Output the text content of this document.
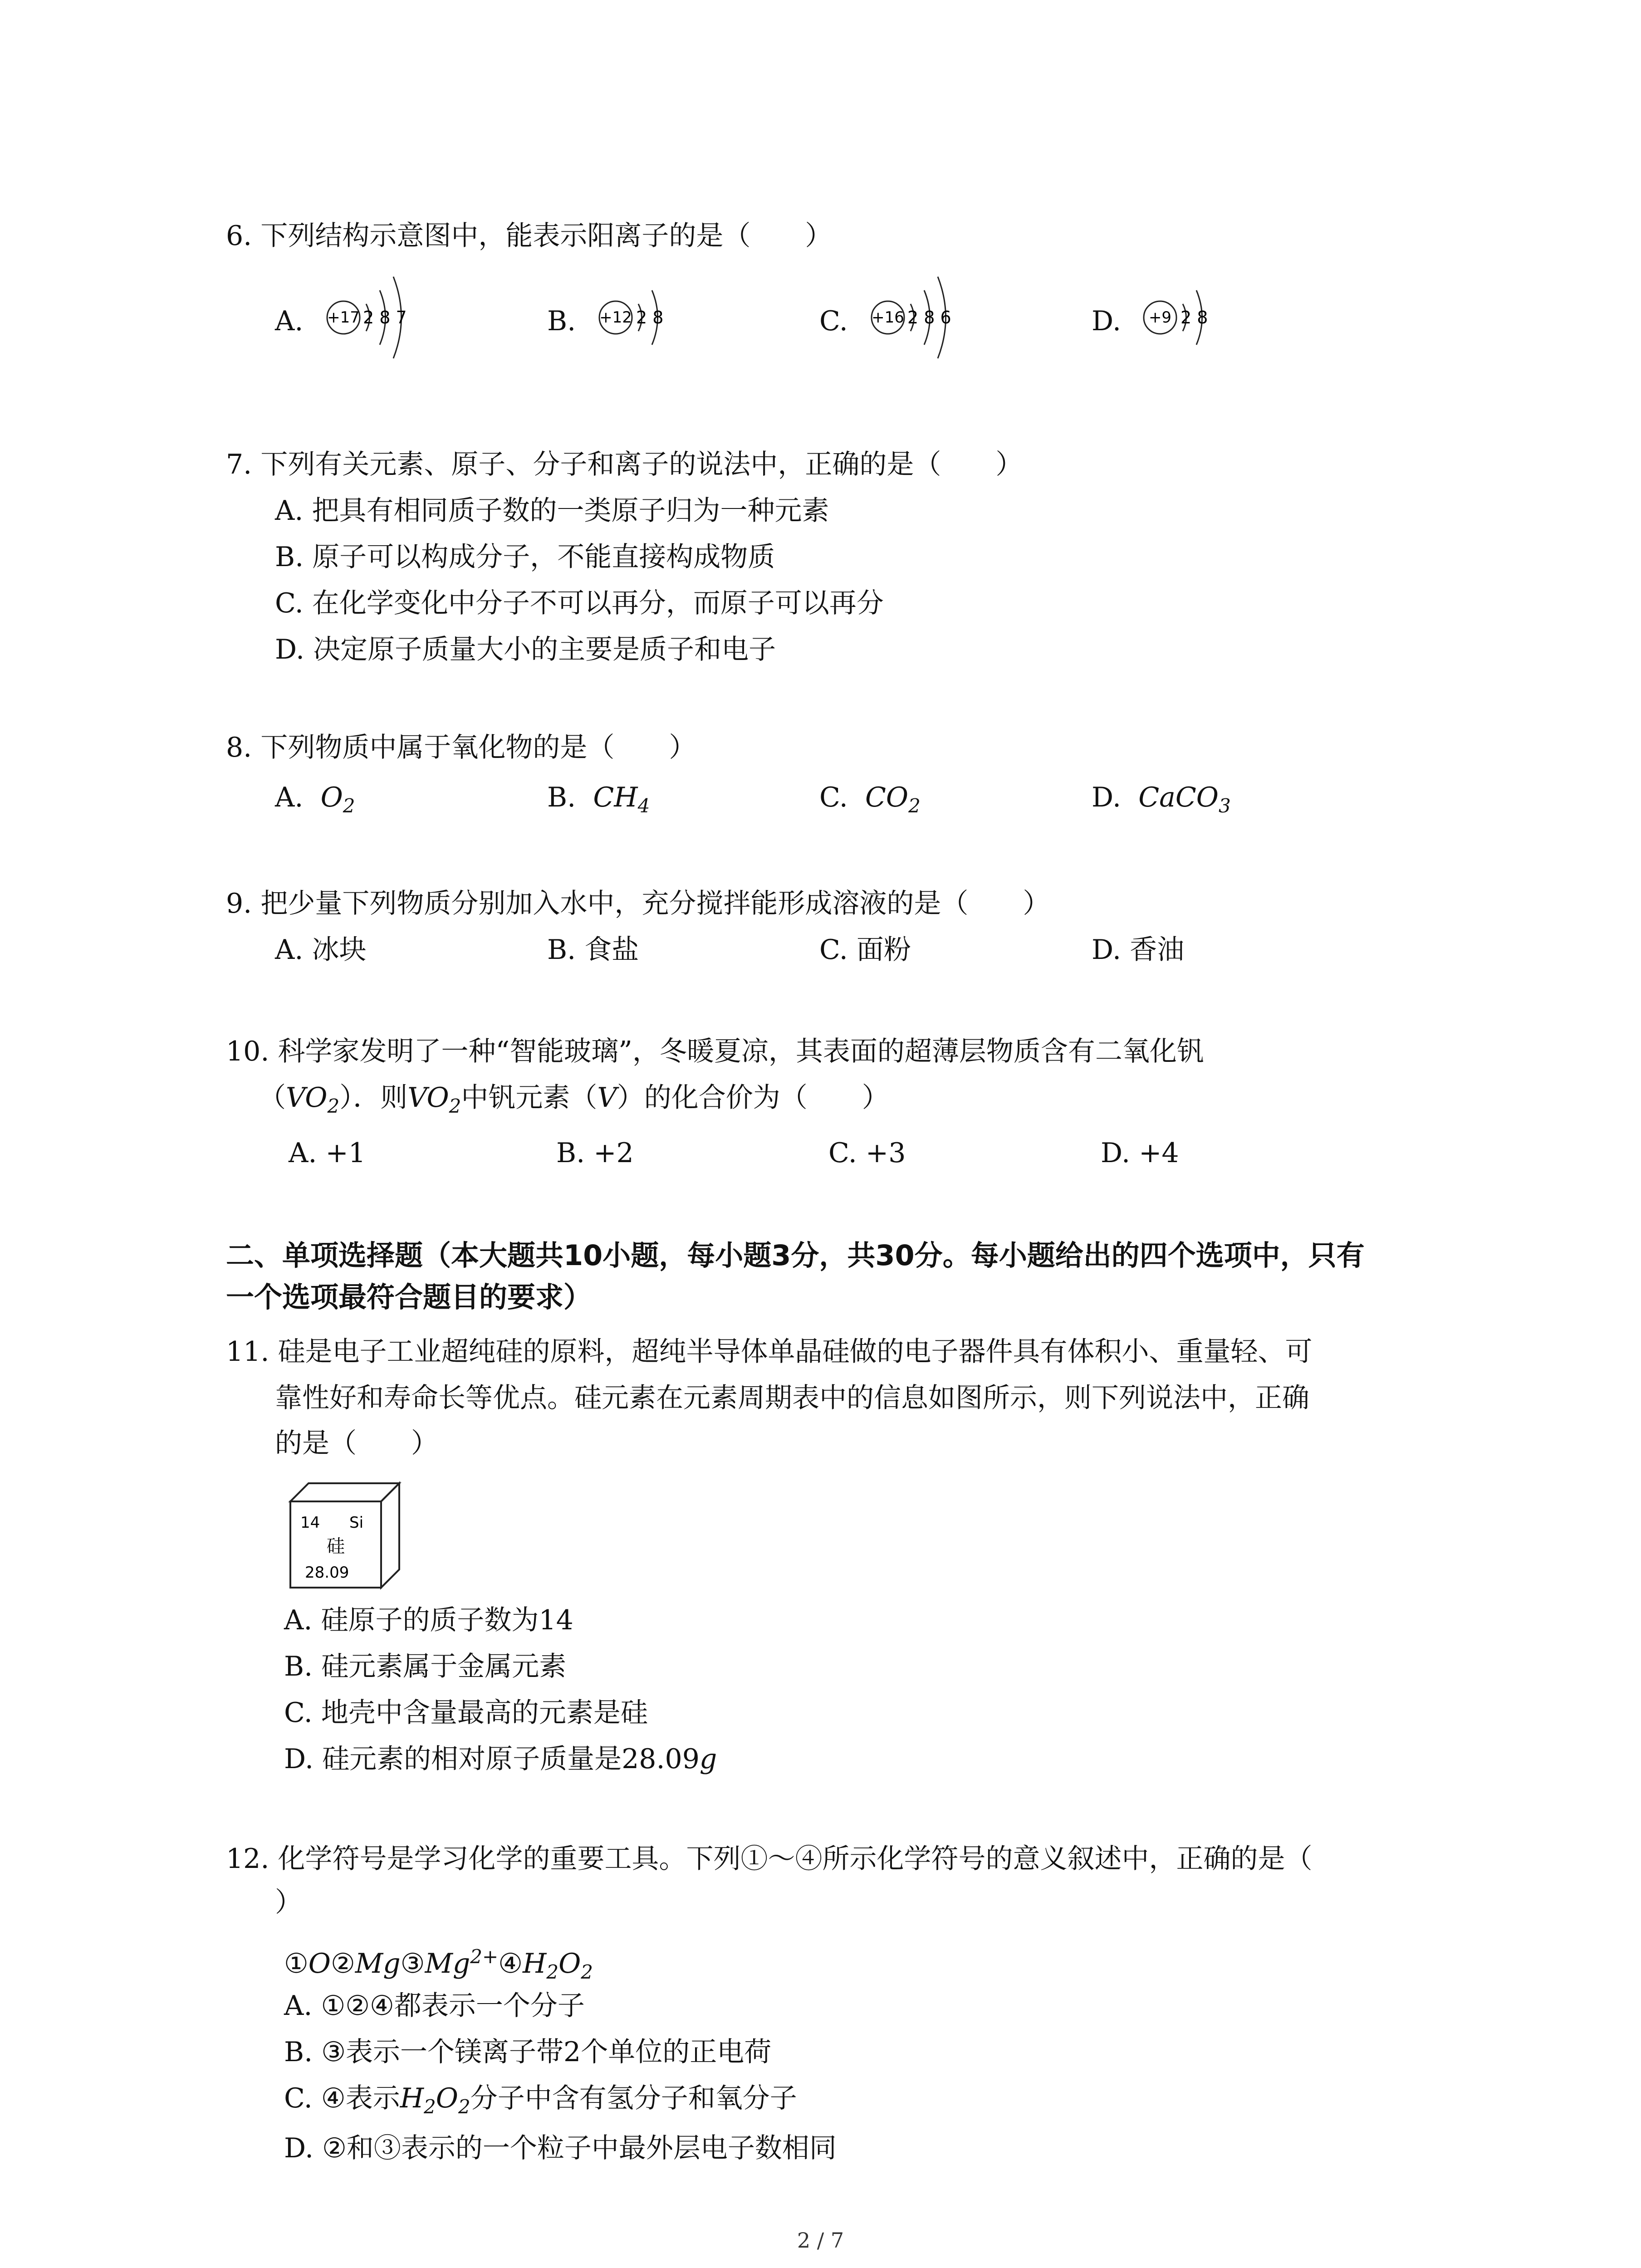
6. 下列结构示意图中，能表示阳离子的是（　　）
A. +17 2 8 7	B. +12 2 8	C. +16 2 8 6	D. +9 2 8
7. 下列有关元素、原子、分子和离子的说法中，正确的是（　　）
A. 把具有相同质子数的一类原子归为一种元素
B. 原子可以构成分子，不能直接构成物质
C. 在化学变化中分子不可以再分，而原子可以再分
D. 决定原子质量大小的主要是质子和电子
8. 下列物质中属于氧化物的是（　　）
A. $O_2$	B. $CH_4$	C. $CO_2$	D. CaCO$_3$
9. 把少量下列物质分别加入水中，充分搅拌能形成溶液的是（　　）
A. 冰块	B. 食盐	C. 面粉	D. 香油
10. 科学家发明了一种“智能玻璃”，冬暖夏凉，其表面的超薄层物质含有二氧化钒
$(VO_2)$．则$VO_2$中钒元素（V）的化合价为（　　）
A. +1	B. +2	C. +3	D. +4
二、单项选择题（本大题共10小题，每小题3分，共30分。每小题给出的四个选项中，只有
一个选项最符合题目的要求）
11. 硅是电子工业超纯硅的原料，超纯半导体单晶硅做的电子器件具有体积小、重量轻、可
靠性好和寿命长等优点。硅元素在元素周期表中的信息如图所示，则下列说法中，正确
的是（　　）
14 Si
硅
28.09
A. 硅原子的质子数为14
B. 硅元素属于金属元素
C. 地壳中含量最高的元素是硅
D. 硅元素的相对原子质量是28.09g
12. 化学符号是学习化学的重要工具。下列①～④所示化学符号的意义叙述中，正确的是（
）
$①O②Mg③Mg^{2+}④H_2O_2$
A. ①②④都表示一个分子
B. ③表示一个镁离子带2个单位的正电荷
C. ④表示$H_2O_2$分子中含有氢分子和氧分子
D. ②和③表示的一个粒子中最外层电子数相同
2 / 7
